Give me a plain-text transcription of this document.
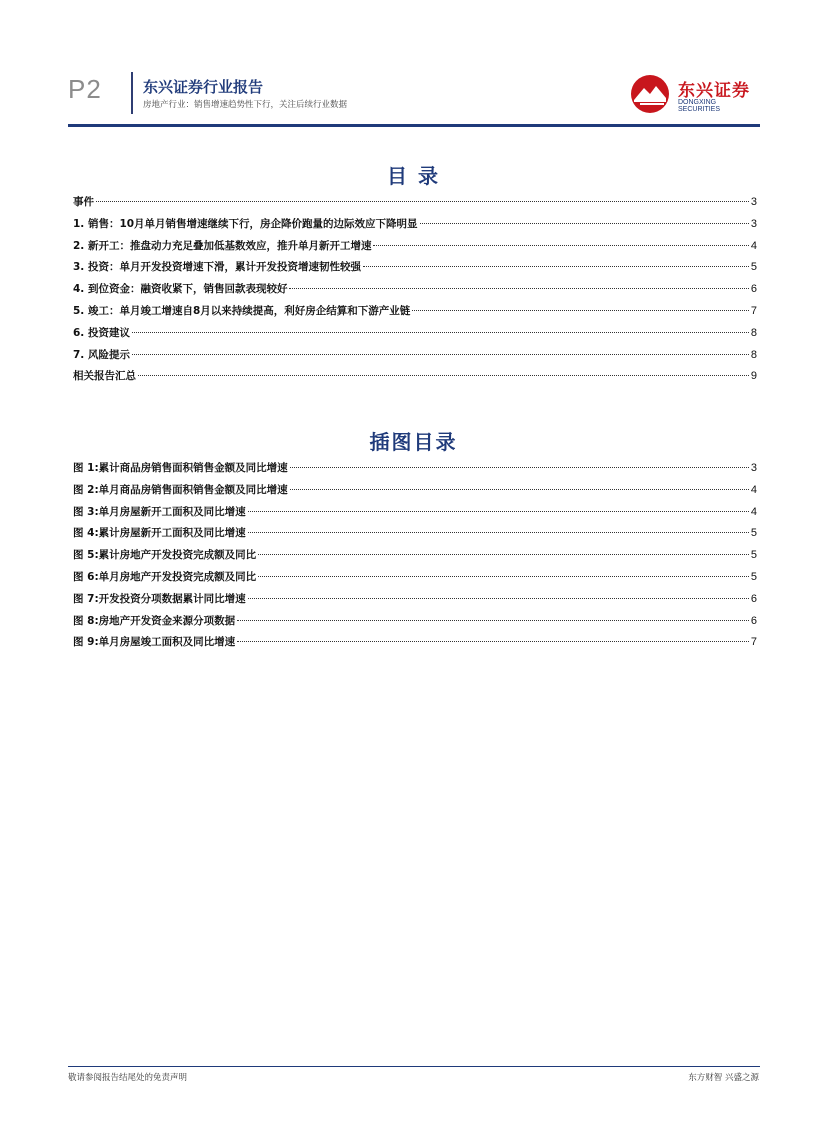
P2	东兴证券行业报告
房地产行业：销售增速趋势性下行，关注后续行业数据
东兴证券
DONGXING SECURITIES
目 录
事件	3
1. 销售：10月单月销售增速继续下行，房企降价跑量的边际效应下降明显	3
2. 新开工：推盘动力充足叠加低基数效应，推升单月新开工增速	4
3. 投资：单月开发投资增速下滑，累计开发投资增速韧性较强	5
4. 到位资金：融资收紧下，销售回款表现较好	6
5. 竣工：单月竣工增速自8月以来持续提高，利好房企结算和下游产业链	7
6. 投资建议	8
7. 风险提示	8
相关报告汇总	9
插图目录
图 1:累计商品房销售面积销售金额及同比增速	3
图 2:单月商品房销售面积销售金额及同比增速	4
图 3:单月房屋新开工面积及同比增速	4
图 4:累计房屋新开工面积及同比增速	5
图 5:累计房地产开发投资完成额及同比	5
图 6:单月房地产开发投资完成额及同比	5
图 7:开发投资分项数据累计同比增速	6
图 8:房地产开发资金来源分项数据	6
图 9:单月房屋竣工面积及同比增速	7
敬请参阅报告结尾处的免责声明	东方财智 兴盛之源
